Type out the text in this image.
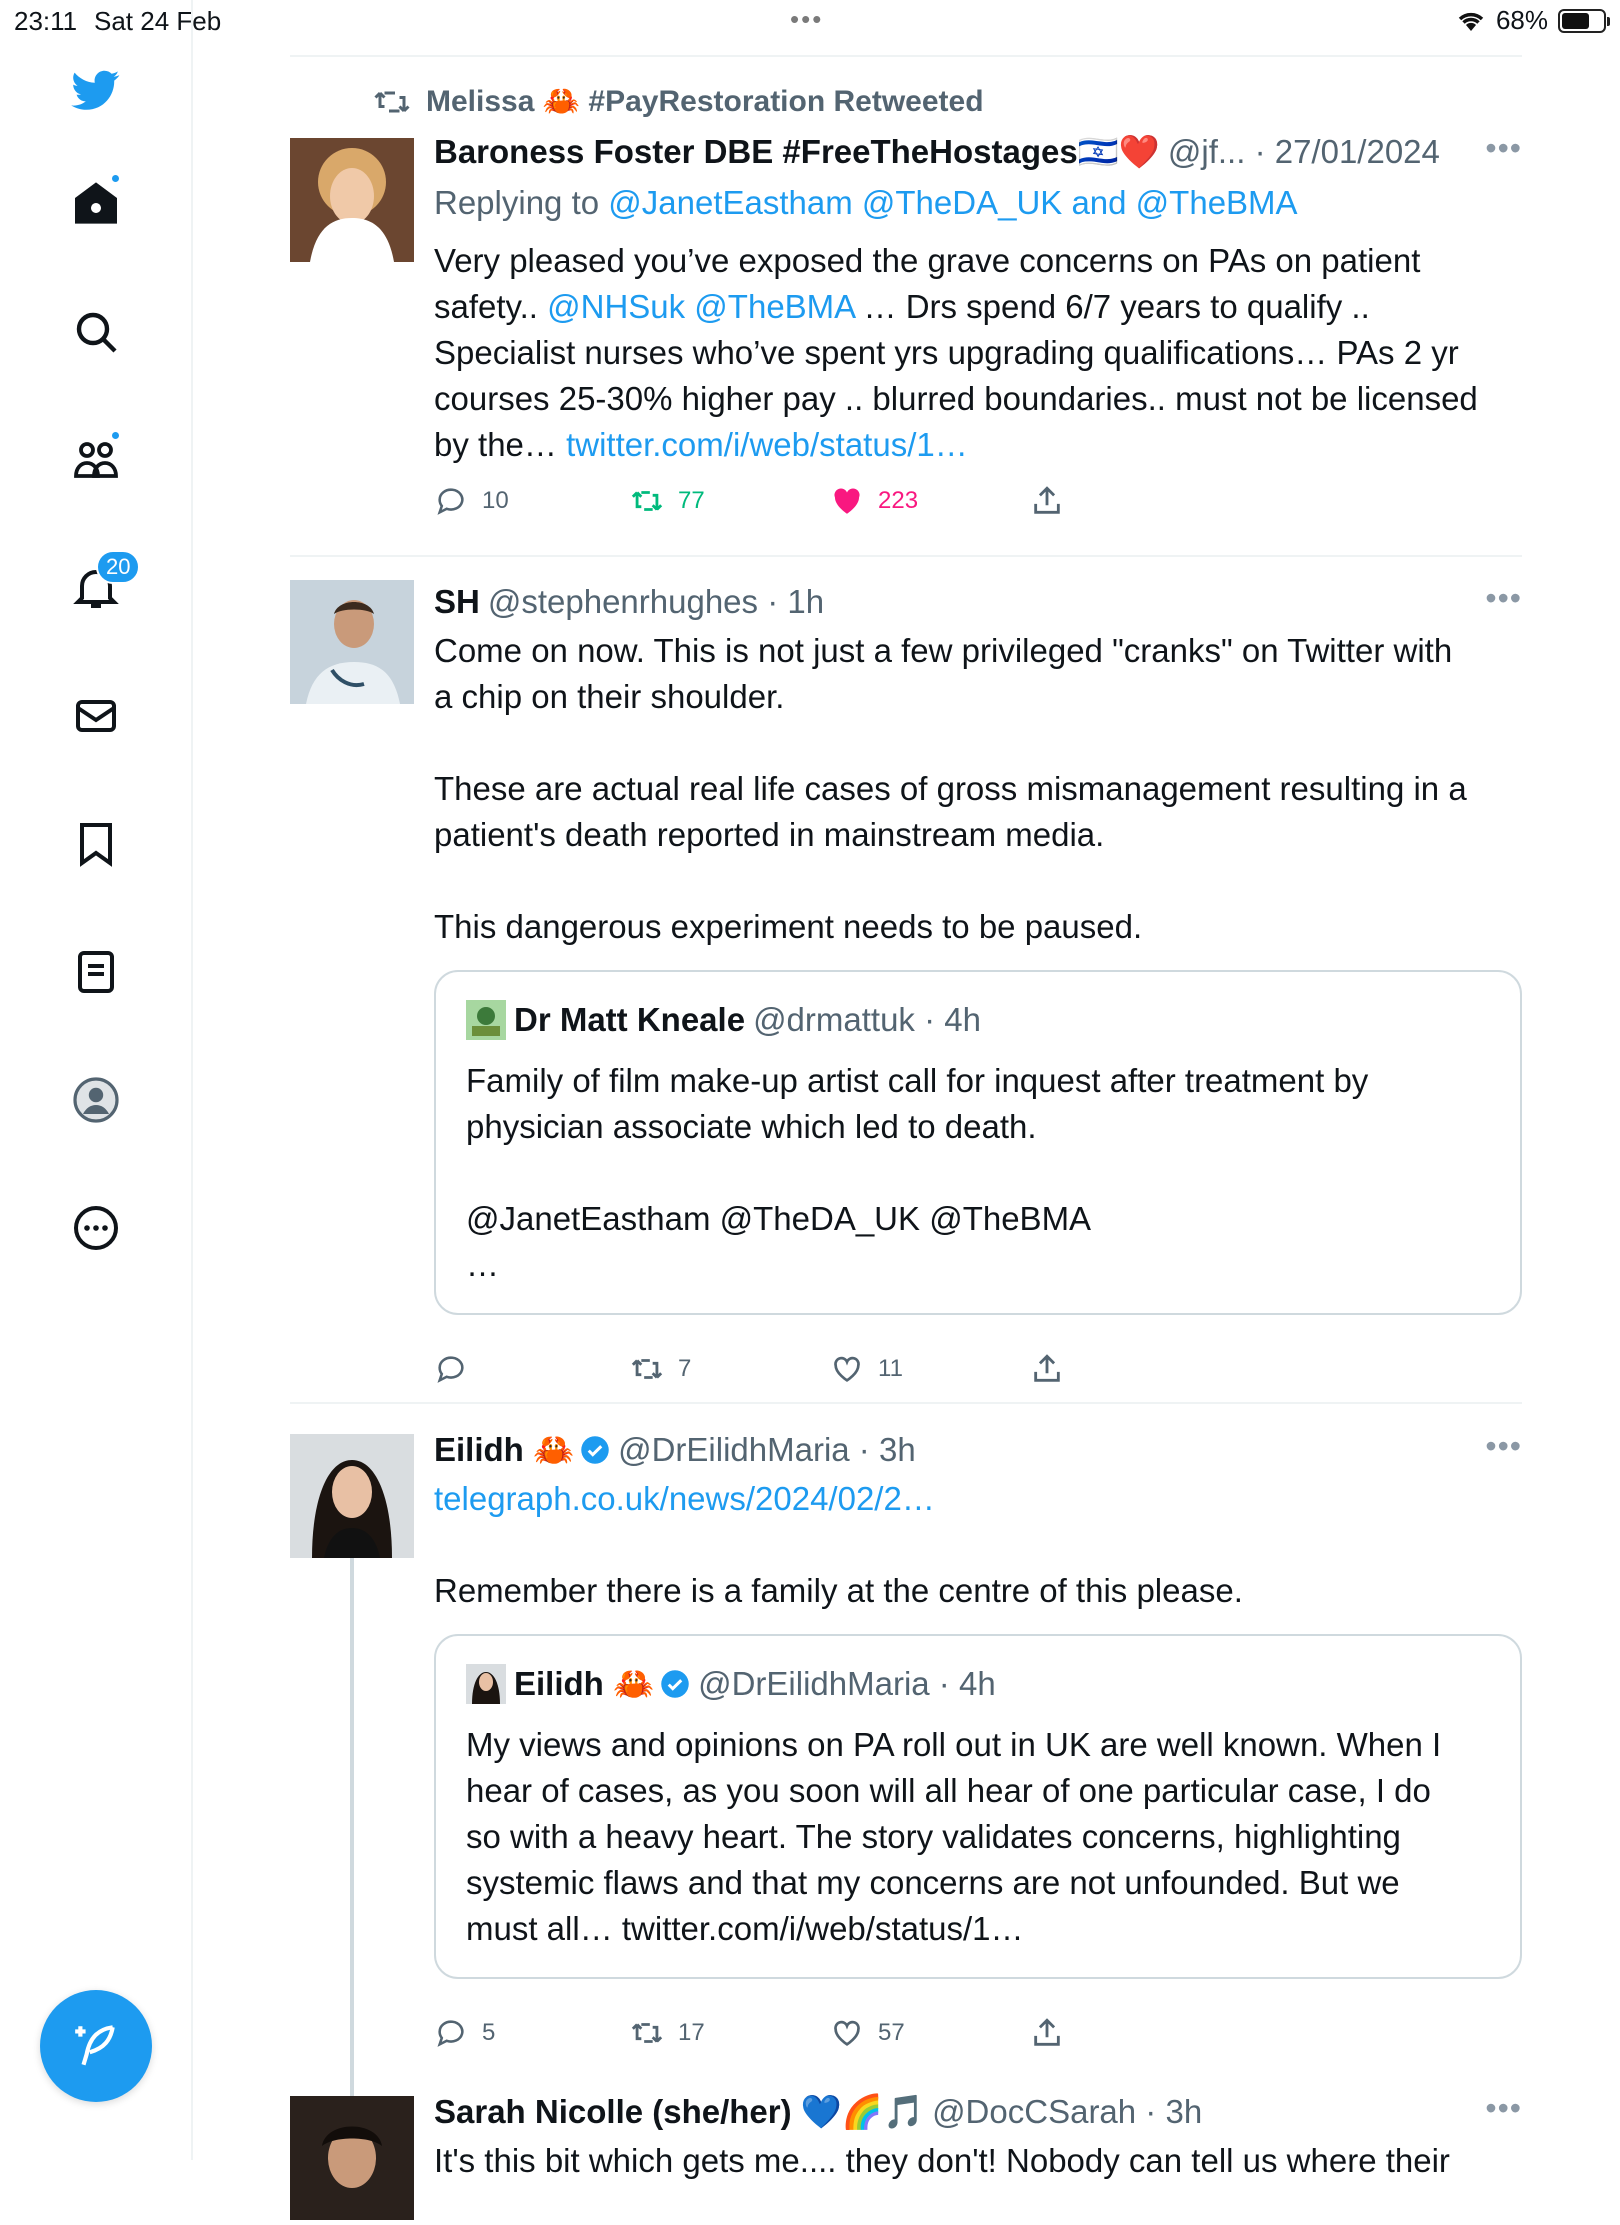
23:11 Sat 24 Feb	•••	68%
20
Melissa 🦀 #PayRestoration Retweeted
Baroness Foster DBE #FreeTheHostages🇮🇱❤️ @jf... · 27/01/2024 •••
Replying to @JanetEastham @TheDA_UK and @TheBMA
Very pleased you’ve exposed the grave concerns on PAs on patient
safety.. @NHSuk @TheBMA … Drs spend 6/7 years to qualify ..
Specialist nurses who’ve spent yrs upgrading qualifications… PAs 2 yr
courses 25-30% higher pay .. blurred boundaries.. must not be licensed
by the… twitter.com/i/web/status/1…
10	77	223
SH @stephenrhughes · 1h	•••
Come on now. This is not just a few privileged "cranks" on Twitter with
a chip on their shoulder.
These are actual real life cases of gross mismanagement resulting in a
patient's death reported in mainstream media.
This dangerous experiment needs to be paused.
Dr Matt Kneale @drmattuk · 4h
Family of film make-up artist call for inquest after treatment by
physician associate which led to death.
@JanetEastham @TheDA_UK @TheBMA
…
7	11
Eilidh 🦀 @DrEilidhMaria · 3h	•••
telegraph.co.uk/news/2024/02/2…
Remember there is a family at the centre of this please.
Eilidh 🦀 @DrEilidhMaria · 4h
My views and opinions on PA roll out in UK are well known. When I
hear of cases, as you soon will all hear of one particular case, I do
so with a heavy heart. The story validates concerns, highlighting
systemic flaws and that my concerns are not unfounded. But we
must all… twitter.com/i/web/status/1…
5	17	57
Sarah Nicolle (she/her) 💙🌈🎵 @DocCSarah · 3h	•••
It's this bit which gets me.... they don't! Nobody can tell us where their
